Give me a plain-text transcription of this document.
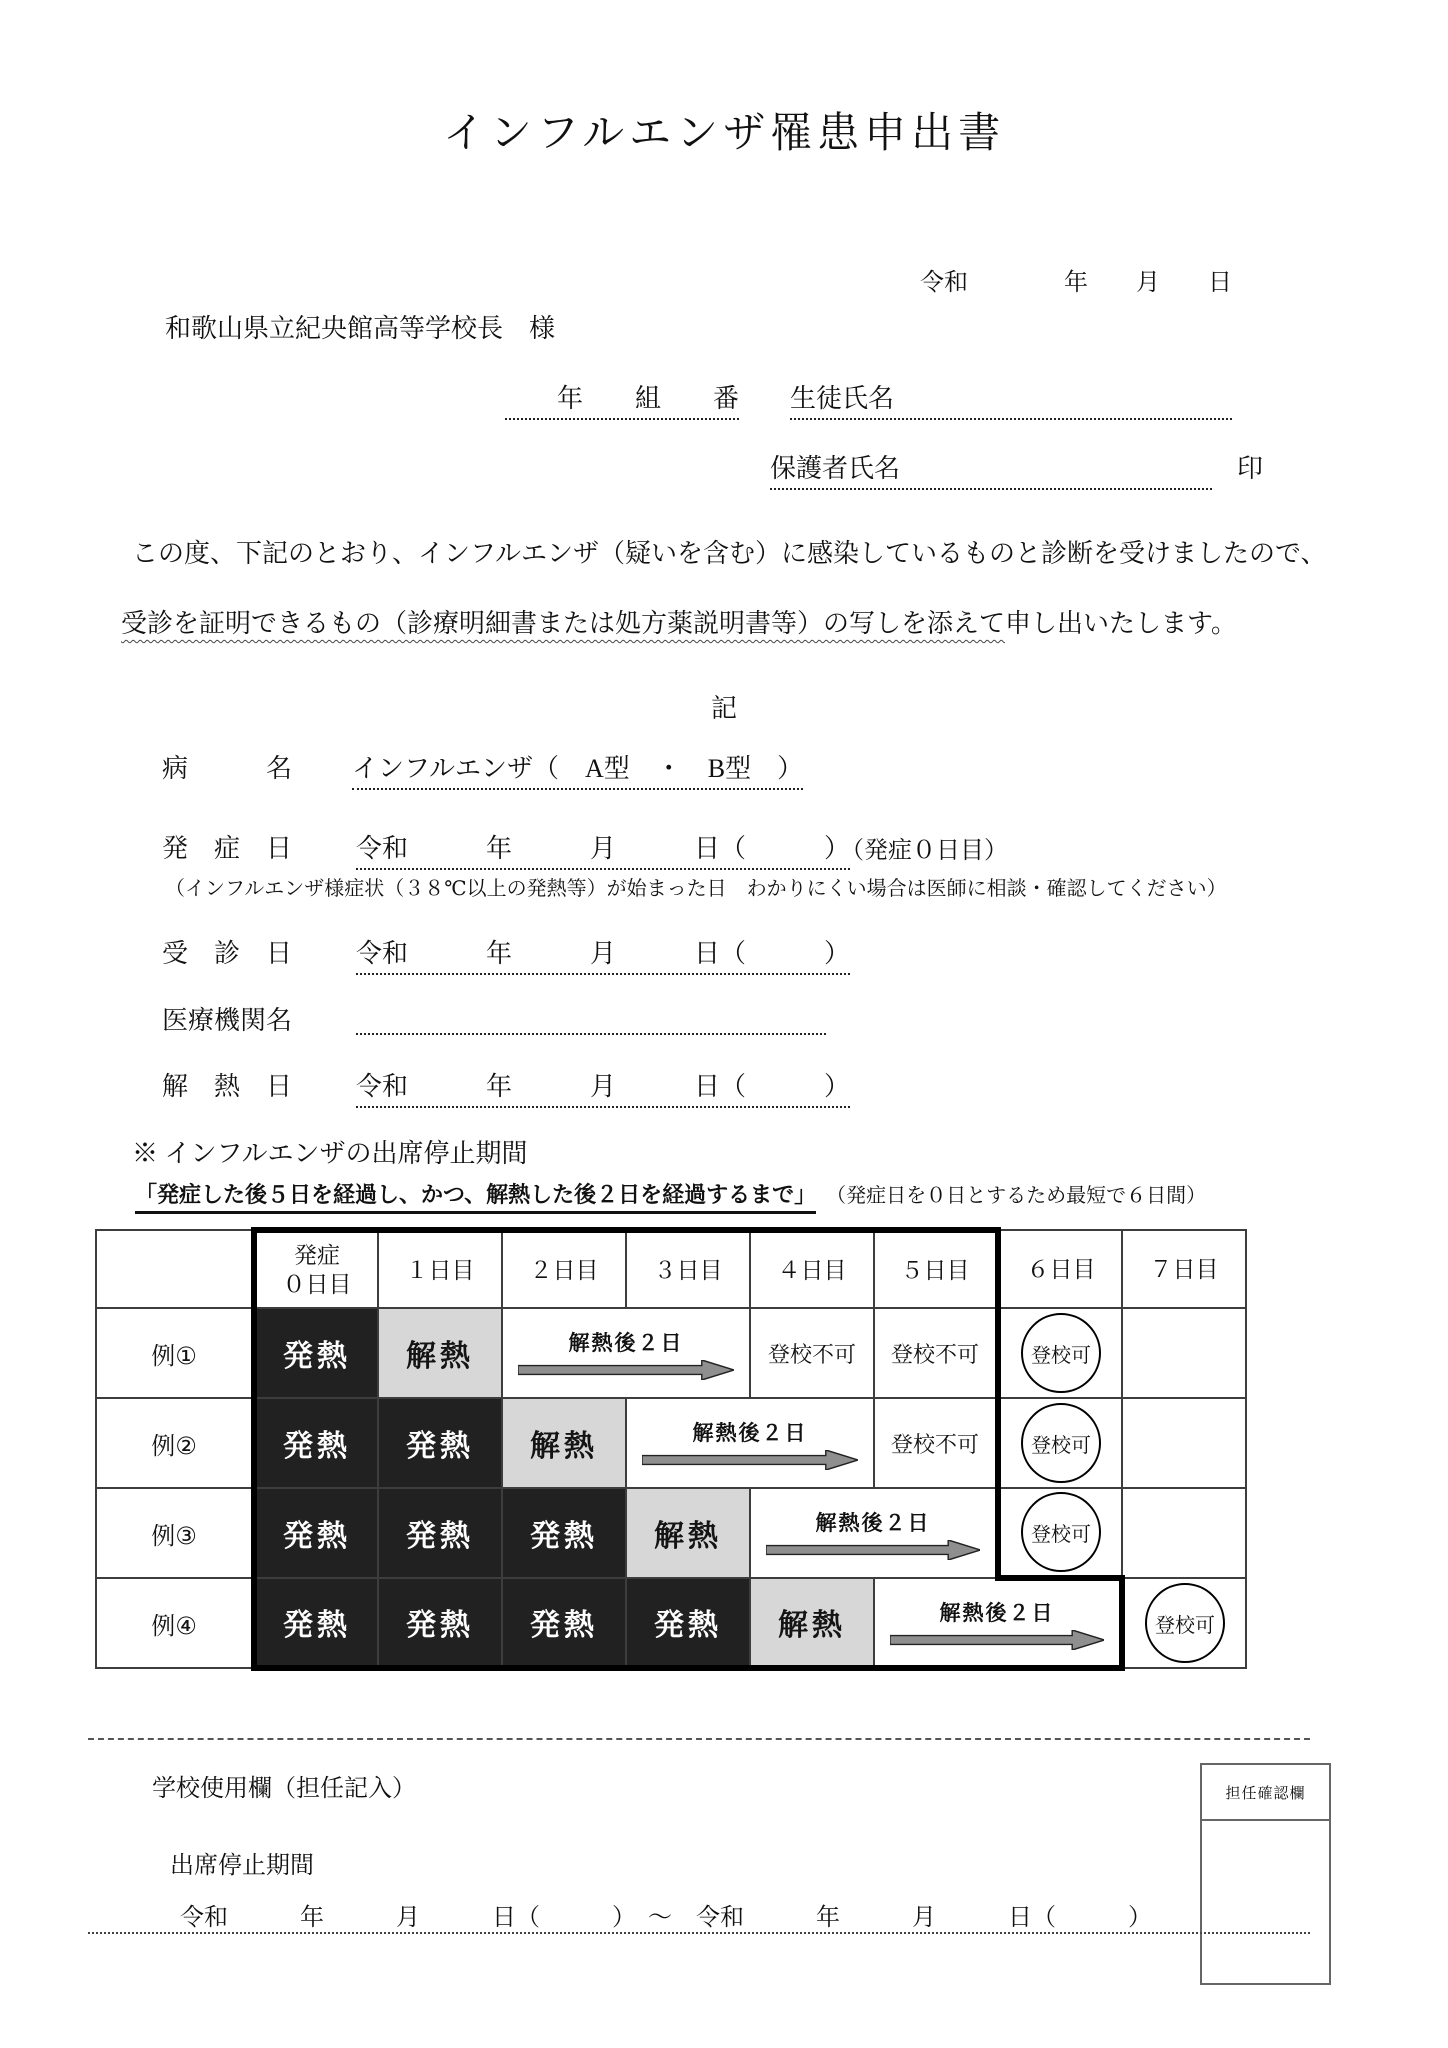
インフルエンザ罹患申出書
令和　　　　年　　月　　日
和歌山県立紀央館高等学校長　様
　　年　　組　　番 生徒氏名　　　　　　　　　　　　　
保護者氏名　　　　　　　　　　　　 印
この度、下記のとおり、インフルエンザ（疑いを含む）に感染しているものと診断を受けましたので、

受診を証明できるもの（診療明細書または処方薬説明書等）の写しを添えて申し出いたします。

記
病　　　名 インフルエンザ（　A型　・　B型　）
発　症　日 令和　　　年　　　月　　　日（　　　）
（発症０日目）
（インフルエンザ様症状（３８℃以上の発熱等）が始まった日　わかりにくい場合は医師に相談・確認してください）
受　診　日 令和　　　年　　　月　　　日（　　　）
医療機関名
解　熱　日 令和　　　年　　　月　　　日（　　　）
※ インフルエンザの出席停止期間
「発症した後５日を経過し、かつ、解熱した後２日を経過するまで」 （発症日を０日とするため最短で６日間）
	発症
０日目	１日目	２日目	３日目	４日目	５日目	６日目	７日目
例①	発熱	解熱	解熱後２日		登校不可	登校不可	登校可	
例②	発熱	発熱	解熱	解熱後２日		登校不可	登校可	
例③	発熱	発熱	発熱	解熱	解熱後２日		登校可	
例④	発熱	発熱	発熱	発熱	解熱	解熱後２日		登校可
学校使用欄（担任記入）	担任確認欄
出席停止期間
令和　　　年　　　月　　　日（　　　）　～　令和　　　年　　　月　　　日（　　　）
